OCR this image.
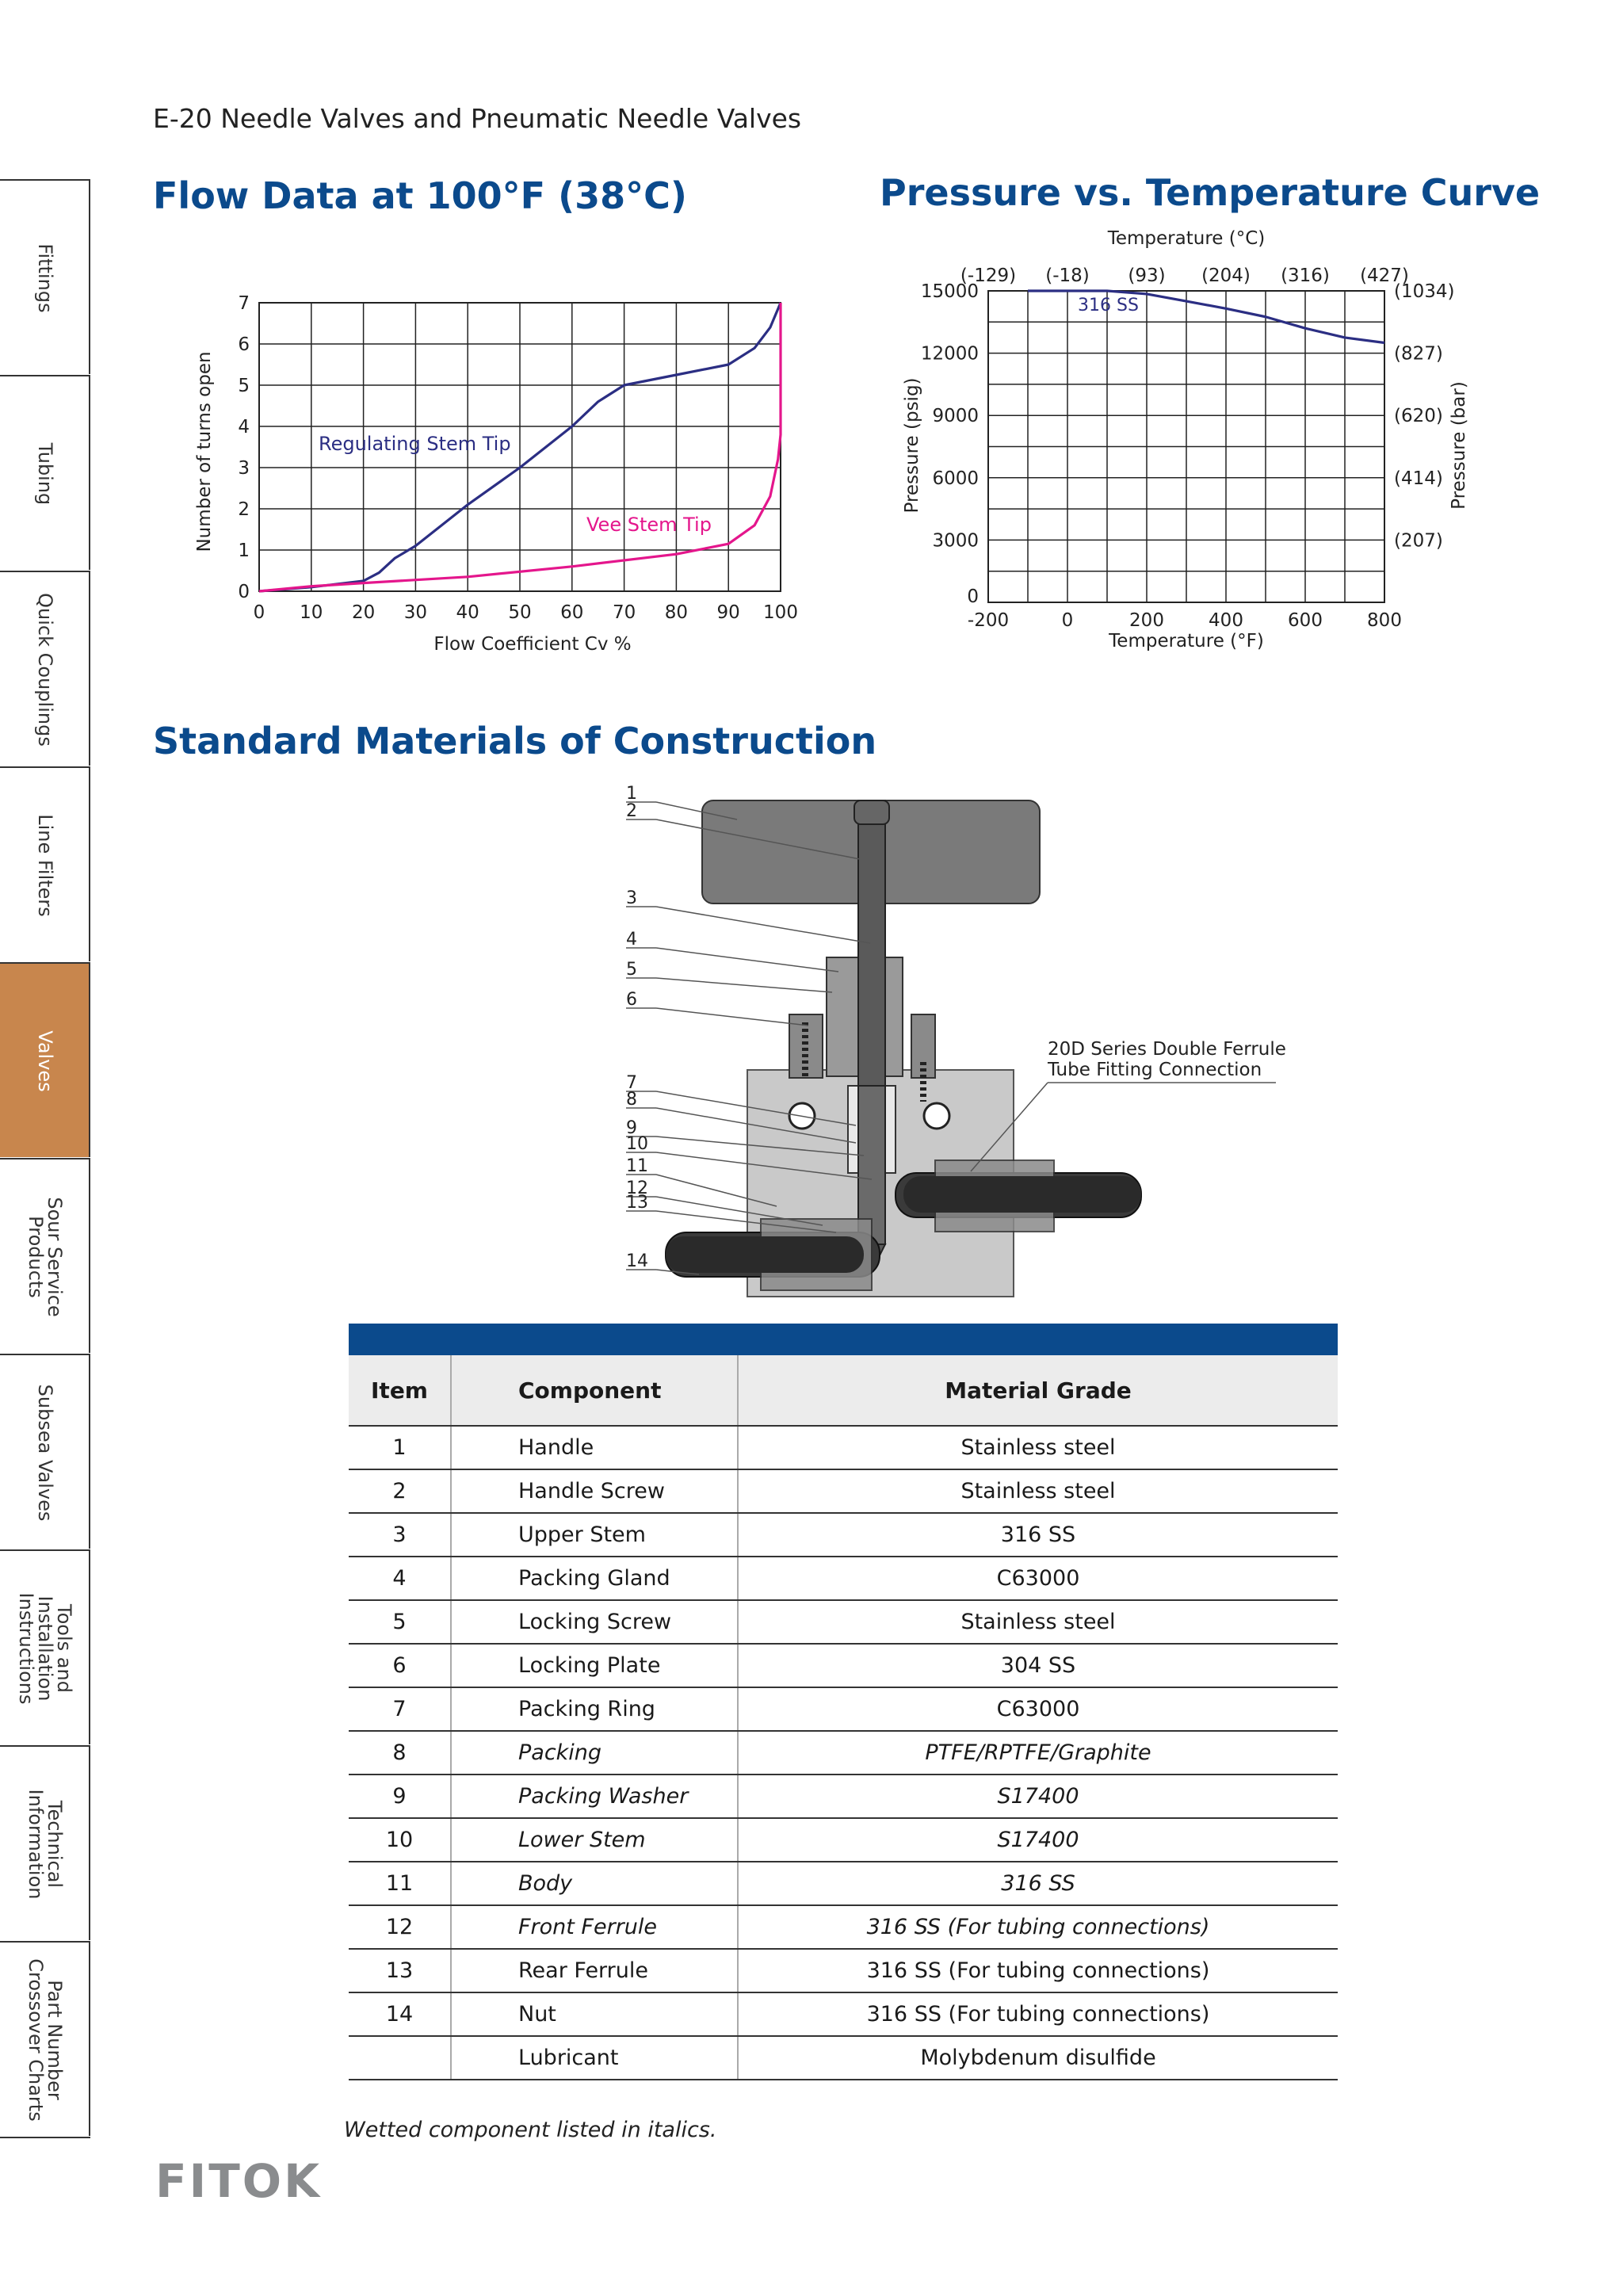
E-20 Needle Valves and Pneumatic Needle Valves
Fittings
Tubing
Quick Couplings
Line Filters
Valves
Sour Service
Products
Subsea Valves
Tools and
Installation
Instructions
Technical
Information
Part Number
Crossover Charts
Flow Data at 100°F (38°C)	Pressure vs. Temperature Curve
Standard Materials of Construction
0 10 20 30 40 50 60 70 80 90 100
0
1
2
3
4
5
6
7
Flow Coefficient Cv %
Number of turns open	Regulating Stem Tip
Vee Stem Tip
-200	0	200 400 600 800
(-129) (-18) (93) (204) (316) (427)
0
3000
6000
9000
12000
15000
(207)
(414)
(620)
(827)
(1034)
Temperature (°C)
Temperature (°F)
Pressure (psig)	Pressure (bar)
316 SS
1
2
3
4
5
6
7
8
9
10
11
12
13
14
20D Series Double Ferrule
Tube Fitting Connection

Item	Component	Material Grade
1	Handle	Stainless steel
2	Handle Screw	Stainless steel
3	Upper Stem	316 SS
4	Packing Gland	C63000
5	Locking Screw	Stainless steel
6	Locking Plate	304 SS
7	Packing Ring	C63000
8	Packing	PTFE/RPTFE/Graphite
9	Packing Washer	S17400
10	Lower Stem	S17400
11	Body	316 SS
12	Front Ferrule	316 SS (For tubing connections)
13	Rear Ferrule	316 SS (For tubing connections)
14	Nut	316 SS (For tubing connections)
	Lubricant	Molybdenum disulfide
Wetted component listed in italics.
FITOK
